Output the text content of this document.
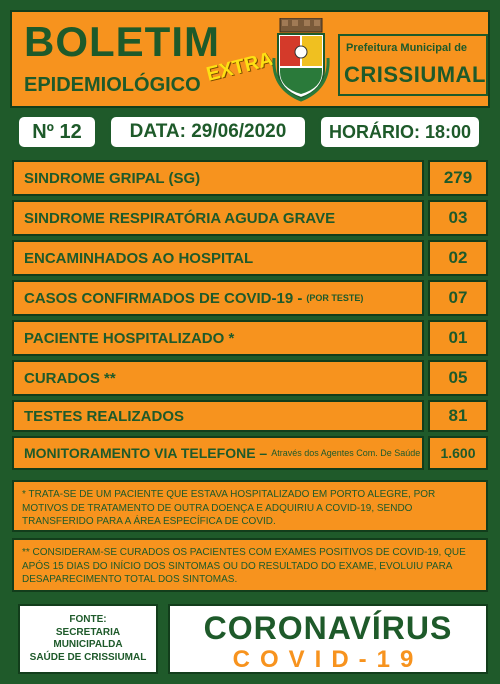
BOLETIM
EPIDEMIOLÓGICO EXTRA
Prefeitura Municipal de
CRISSIUMAL
Nº 12	DATA: 29/06/2020	HORÁRIO: 18:00
SINDROME GRIPAL (SG)	279
SINDROME RESPIRATÓRIA AGUDA GRAVE	03
ENCAMINHADOS AO HOSPITAL	02
CASOS CONFIRMADOS DE COVID-19 - (POR TESTE)	07
PACIENTE HOSPITALIZADO *	01
CURADOS **	05
TESTES REALIZADOS	81
MONITORAMENTO VIA TELEFONE – Através dos Agentes Com. De Saúde	1.600
* TRATA-SE DE UM PACIENTE QUE ESTAVA HOSPITALIZADO EM PORTO ALEGRE, POR MOTIVOS DE TRATAMENTO DE OUTRA DOENÇA E ADQUIRIU A COVID-19, SENDO TRANSFERIDO PARA A ÁREA ESPECÍFICA DE COVID.
** CONSIDERAM-SE CURADOS OS PACIENTES COM EXAMES POSITIVOS DE COVID-19, QUE APÓS 15 DIAS DO INÍCIO DOS SINTOMAS OU DO RESULTADO DO EXAME, EVOLUIU PARA DESAPARECIMENTO TOTAL DOS SINTOMAS.
FONTE:
SECRETARIA
MUNICIPALDA
SAÚDE DE CRISSIUMAL
CORONAVÍRUS
COVID-19
